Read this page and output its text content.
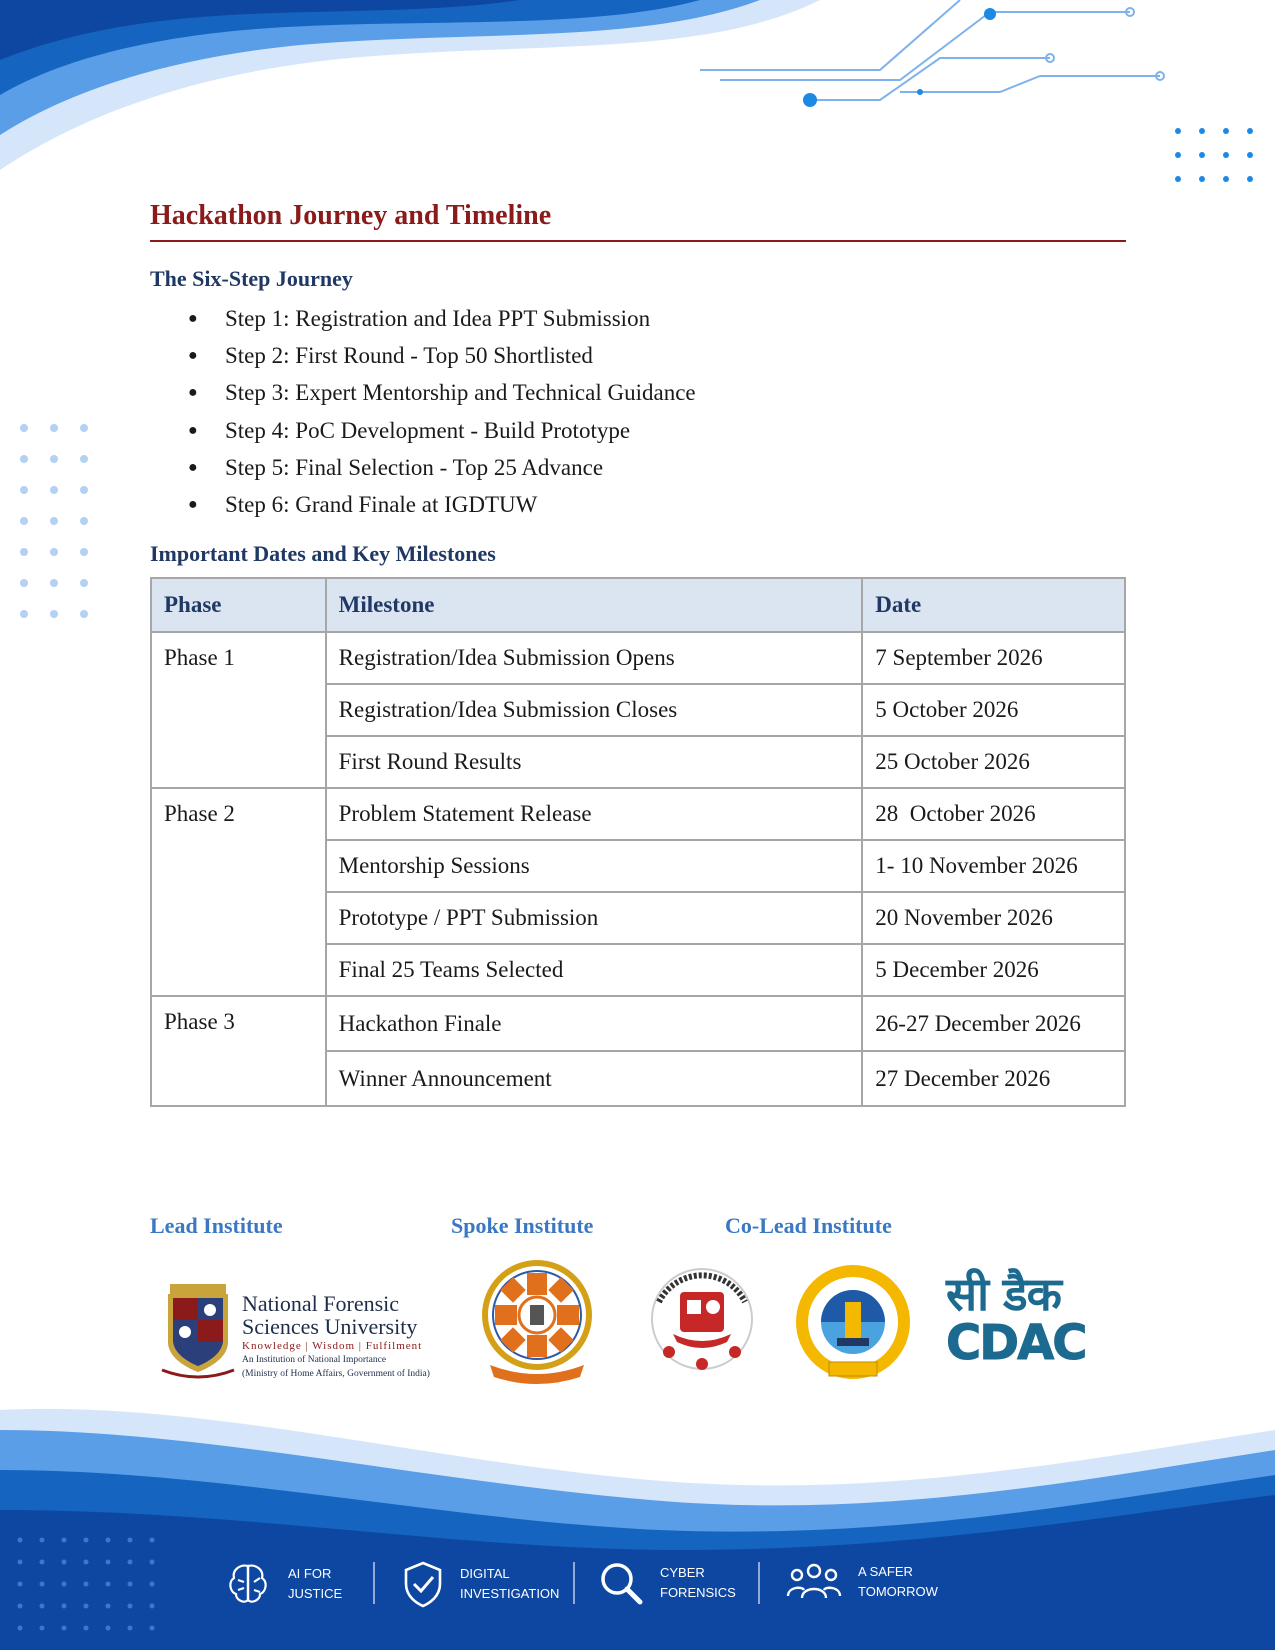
Hackathon Journey and Timeline
The Six-Step Journey
●	Step 1: Registration and Idea PPT Submission
●	Step 2: First Round - Top 50 Shortlisted
●	Step 3: Expert Mentorship and Technical Guidance
●	Step 4: PoC Development - Build Prototype
●	Step 5: Final Selection - Top 25 Advance
●	Step 6: Grand Finale at IGDTUW
Important Dates and Key Milestones
Phase	Milestone	Date
Phase 1	Registration/Idea Submission Opens	7 September 2026
	Registration/Idea Submission Closes	5 October 2026
	First Round Results	25 October 2026
Phase 2	Problem Statement Release	28  October 2026
	Mentorship Sessions	1- 10 November 2026
	Prototype / PPT Submission	20 November 2026
	Final 25 Teams Selected	5 December 2026
Phase 3	Hackathon Finale	26-27 December 2026
	Winner Announcement	27 December 2026
Lead Institute	Spoke Institute	Co-Lead Institute
National Forensic
Sciences University
Knowledge | Wisdom | Fulfilment
An Institution of National Importance
(Ministry of Home Affairs, Government of India)
सी डैक
CDAC
AI FOR
JUSTICE
DIGITAL
INVESTIGATION
CYBER
FORENSICS
A SAFER
TOMORROW
